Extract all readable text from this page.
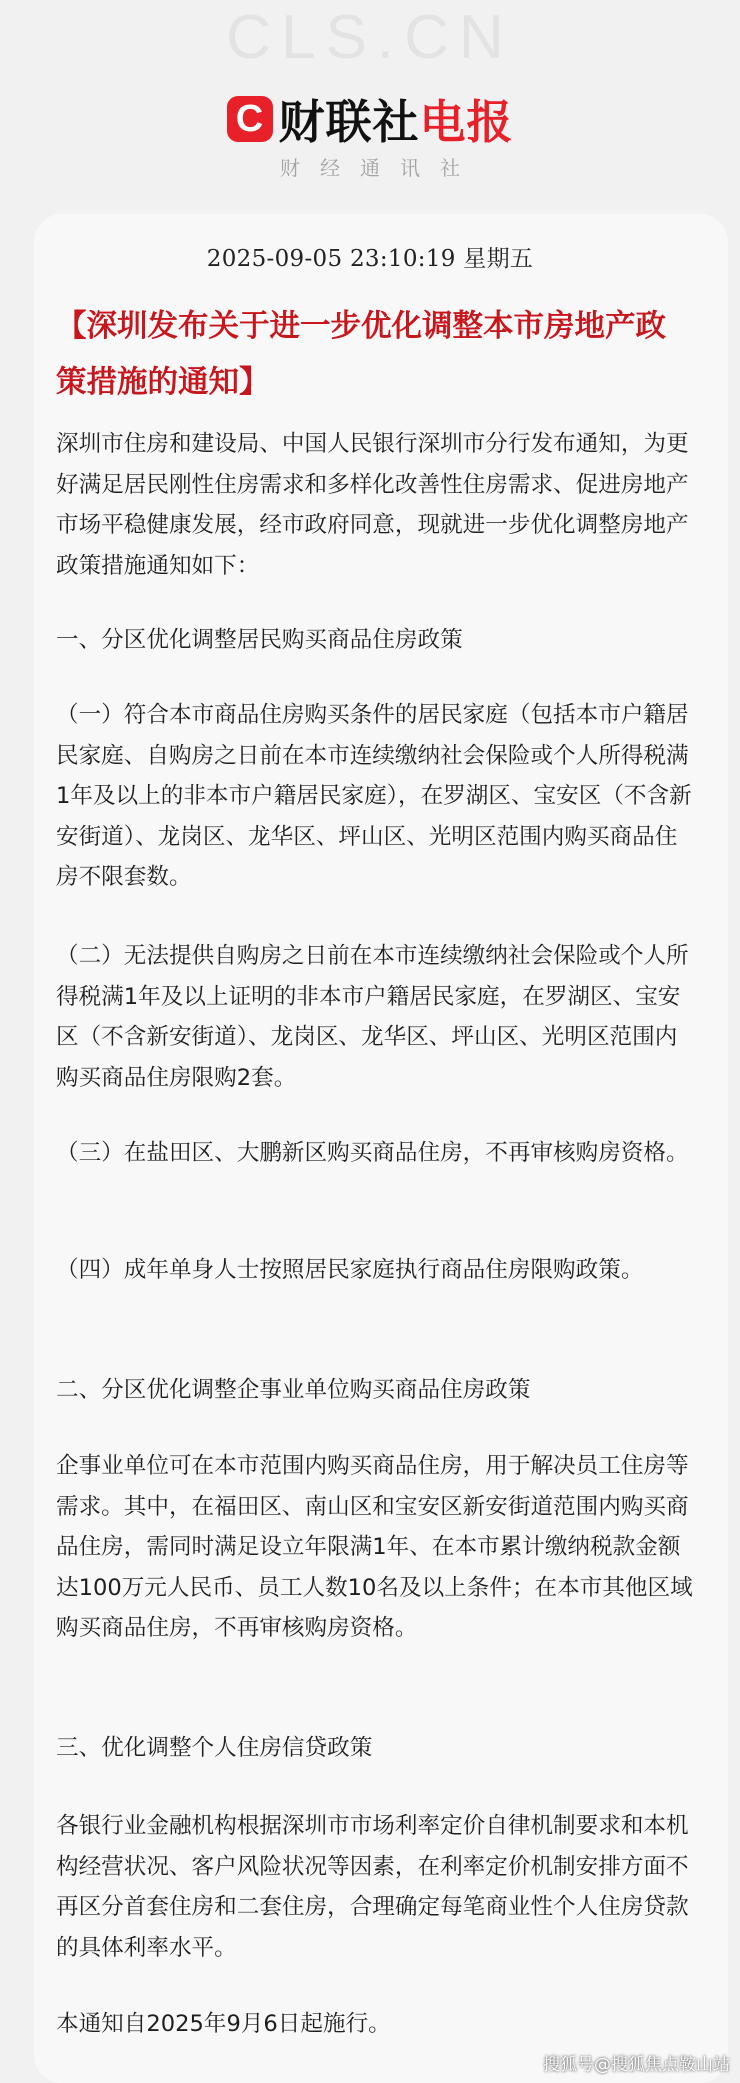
CLS.CN
C 财联社电报
财经通讯社
2025-09-05 23:10:19 星期五
【深圳发布关于进一步优化调整本市房地产政策措施的通知】
深圳市住房和建设局、中国人民银行深圳市分行发布通知，为更好满足居民刚性住房需求和多样化改善性住房需求、促进房地产市场平稳健康发展，经市政府同意，现就进一步优化调整房地产政策措施通知如下：
一、分区优化调整居民购买商品住房政策
（一）符合本市商品住房购买条件的居民家庭（包括本市户籍居民家庭、自购房之日前在本市连续缴纳社会保险或个人所得税满1年及以上的非本市户籍居民家庭），在罗湖区、宝安区（不含新安街道）、龙岗区、龙华区、坪山区、光明区范围内购买商品住房不限套数。
（二）无法提供自购房之日前在本市连续缴纳社会保险或个人所得税满1年及以上证明的非本市户籍居民家庭，在罗湖区、宝安区（不含新安街道）、龙岗区、龙华区、坪山区、光明区范围内购买商品住房限购2套。
（三）在盐田区、大鹏新区购买商品住房，不再审核购房资格。
（四）成年单身人士按照居民家庭执行商品住房限购政策。
二、分区优化调整企事业单位购买商品住房政策
企事业单位可在本市范围内购买商品住房，用于解决员工住房等需求。其中，在福田区、南山区和宝安区新安街道范围内购买商品住房，需同时满足设立年限满1年、在本市累计缴纳税款金额达100万元人民币、员工人数10名及以上条件；在本市其他区域购买商品住房，不再审核购房资格。
三、优化调整个人住房信贷政策
各银行业金融机构根据深圳市市场利率定价自律机制要求和本机构经营状况、客户风险状况等因素，在利率定价机制安排方面不再区分首套住房和二套住房，合理确定每笔商业性个人住房贷款的具体利率水平。
本通知自2025年9月6日起施行。
搜狐号@搜狐焦点鞍山站
